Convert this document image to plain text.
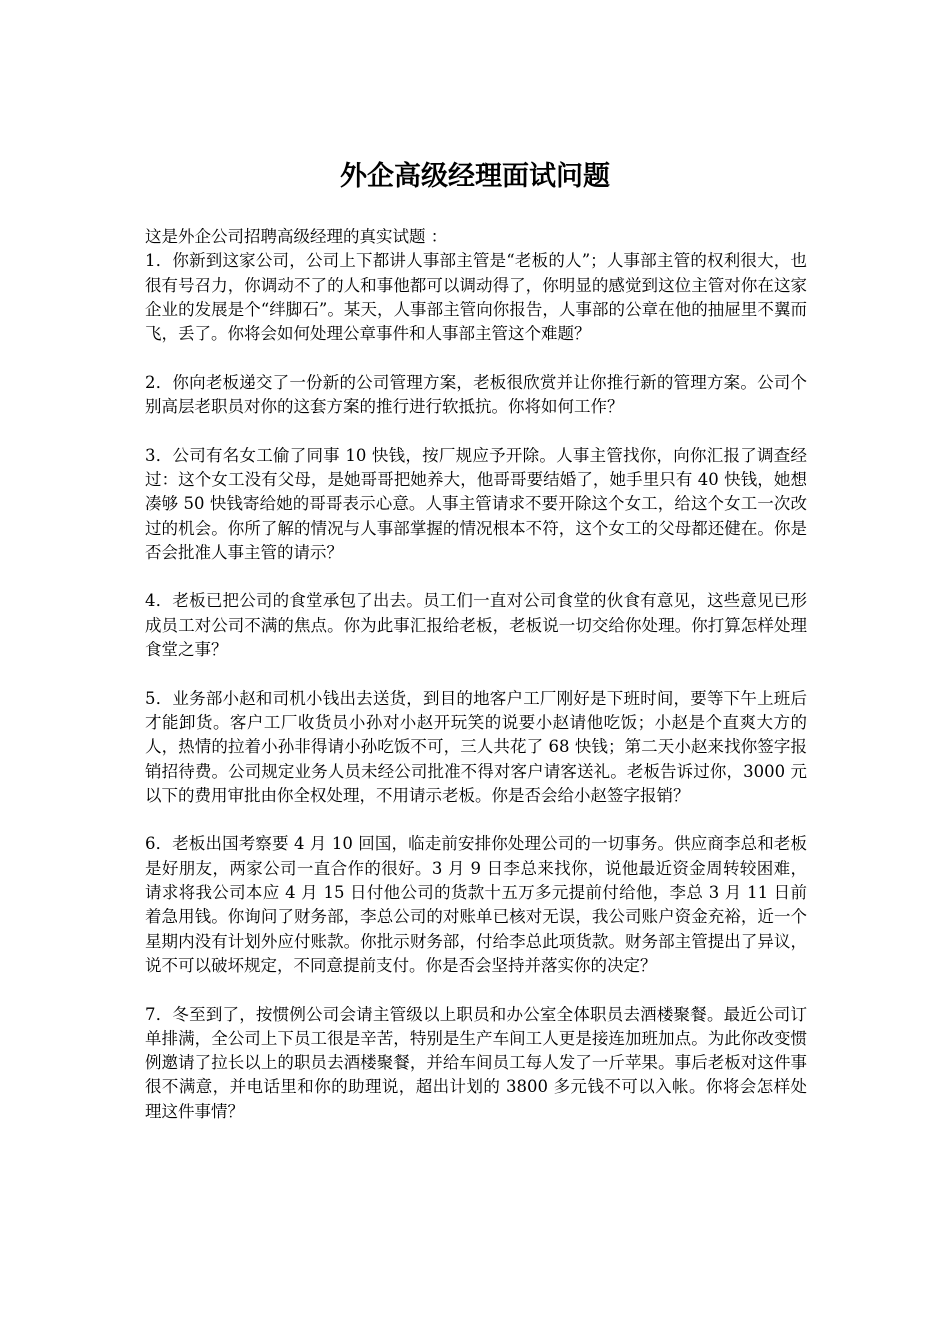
外企高级经理面试问题

这是外企公司招聘高级经理的真实试题 ：

1．你新到这家公司，公司上下都讲人事部主管是“老板的人”；人事部主管的权利很大，也很有号召力，你调动不了的人和事他都可以调动得了，你明显的感觉到这位主管对你在这家企业的发展是个“绊脚石”。某天，人事部主管向你报告，人事部的公章在他的抽屉里不翼而飞，丢了。你将会如何处理公章事件和人事部主管这个难题？

2．你向老板递交了一份新的公司管理方案，老板很欣赏并让你推行新的管理方案。公司个别高层老职员对你的这套方案的推行进行软抵抗。你将如何工作？

3．公司有名女工偷了同事 10 快钱，按厂规应予开除。人事主管找你，向你汇报了调查经过：这个女工没有父母，是她哥哥把她养大，他哥哥要结婚了，她手里只有 40 快钱，她想凑够 50 快钱寄给她的哥哥表示心意。人事主管请求不要开除这个女工，给这个女工一次改过的机会。你所了解的情况与人事部掌握的情况根本不符，这个女工的父母都还健在。你是否会批准人事主管的请示？

4．老板已把公司的食堂承包了出去。员工们一直对公司食堂的伙食有意见，这些意见已形成员工对公司不满的焦点。你为此事汇报给老板，老板说一切交给你处理。你打算怎样处理食堂之事？

5．业务部小赵和司机小钱出去送货，到目的地客户工厂刚好是下班时间，要等下午上班后才能卸货。客户工厂收货员小孙对小赵开玩笑的说要小赵请他吃饭；小赵是个直爽大方的人，热情的拉着小孙非得请小孙吃饭不可，三人共花了 68 快钱；第二天小赵来找你签字报销招待费。公司规定业务人员未经公司批准不得对客户请客送礼。老板告诉过你，3000 元以下的费用审批由你全权处理，不用请示老板。你是否会给小赵签字报销？

6．老板出国考察要 4 月 10 回国，临走前安排你处理公司的一切事务。供应商李总和老板是好朋友，两家公司一直合作的很好。3 月 9 日李总来找你，说他最近资金周转较困难，请求将我公司本应 4 月 15 日付他公司的货款十五万多元提前付给他，李总 3 月 11 日前着急用钱。你询问了财务部，李总公司的对账单已核对无误，我公司账户资金充裕，近一个星期内没有计划外应付账款。你批示财务部，付给李总此项货款。财务部主管提出了异议，说不可以破坏规定，不同意提前支付。你是否会坚持并落实你的决定？

7．冬至到了，按惯例公司会请主管级以上职员和办公室全体职员去酒楼聚餐。最近公司订单排满，全公司上下员工很是辛苦，特别是生产车间工人更是接连加班加点。为此你改变惯例邀请了拉长以上的职员去酒楼聚餐，并给车间员工每人发了一斤苹果。事后老板对这件事很不满意，并电话里和你的助理说，超出计划的 3800 多元钱不可以入帐。你将会怎样处理这件事情？
